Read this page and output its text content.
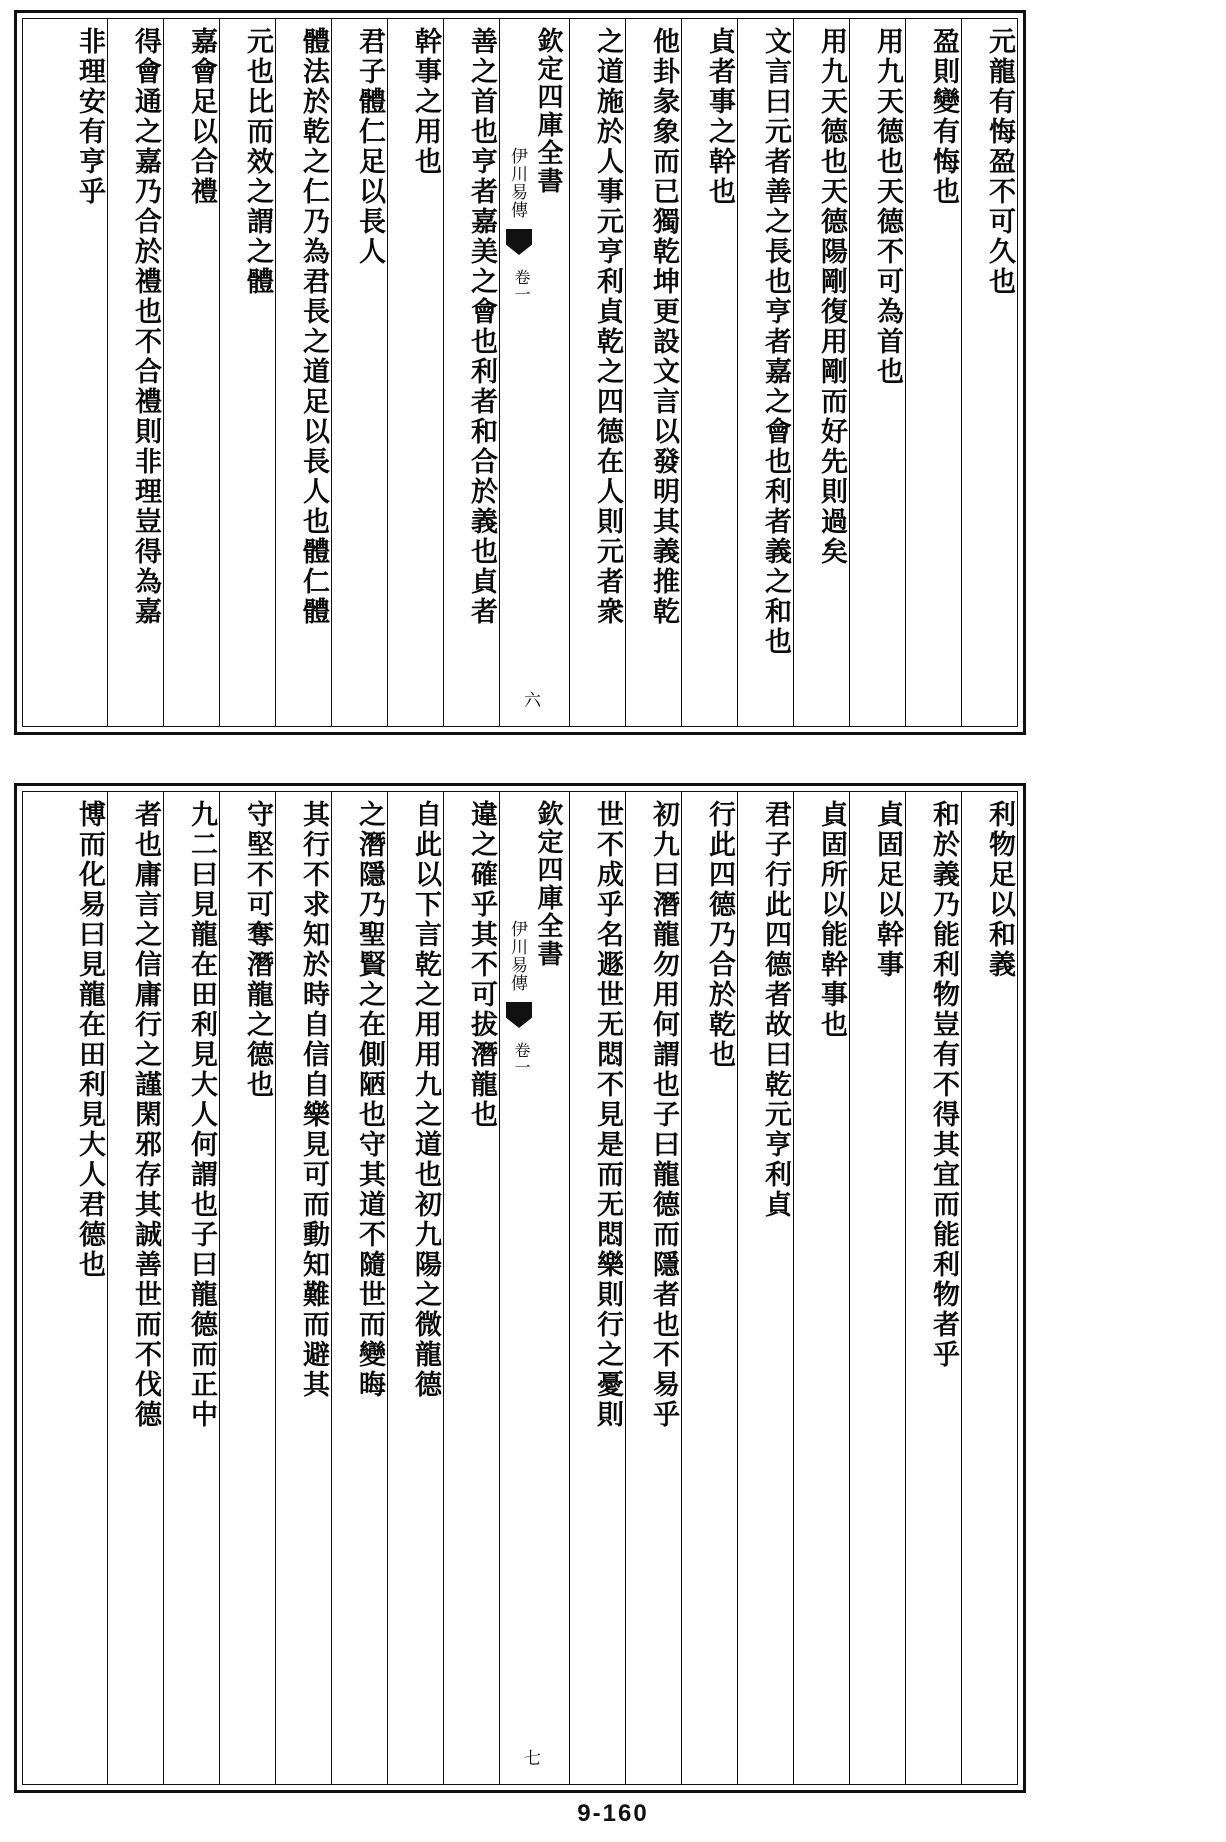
元龍有悔盈不可久也
盈則變有悔也
用九天德也天德不可為首也
用九天德也天德陽剛復用剛而好先則過矣
文言曰元者善之長也亨者嘉之會也利者義之和也
貞者事之幹也
他卦彖象而已獨乾坤更設文言以發明其義推乾
之道施於人事元亨利貞乾之四德在人則元者衆
欽定四庫全書
伊川易傳
卷一
六
善之首也亨者嘉美之會也利者和合於義也貞者
幹事之用也
君子體仁足以長人
體法於乾之仁乃為君長之道足以長人也體仁體
元也比而效之謂之體
嘉會足以合禮
得會通之嘉乃合於禮也不合禮則非理豈得為嘉
非理安有亨乎
利物足以和義
和於義乃能利物豈有不得其宜而能利物者乎
貞固足以幹事
貞固所以能幹事也
君子行此四德者故曰乾元亨利貞
行此四德乃合於乾也
初九曰潛龍勿用何謂也子曰龍德而隱者也不易乎
世不成乎名遯世无悶不見是而无悶樂則行之憂則
欽定四庫全書
伊川易傳
卷一
七
違之確乎其不可拔潛龍也
自此以下言乾之用用九之道也初九陽之微龍德
之潛隱乃聖賢之在側陋也守其道不隨世而變晦
其行不求知於時自信自樂見可而動知難而避其
守堅不可奪潛龍之德也
九二曰見龍在田利見大人何謂也子曰龍德而正中
者也庸言之信庸行之謹閑邪存其誠善世而不伐德
博而化易曰見龍在田利見大人君德也
9-160
